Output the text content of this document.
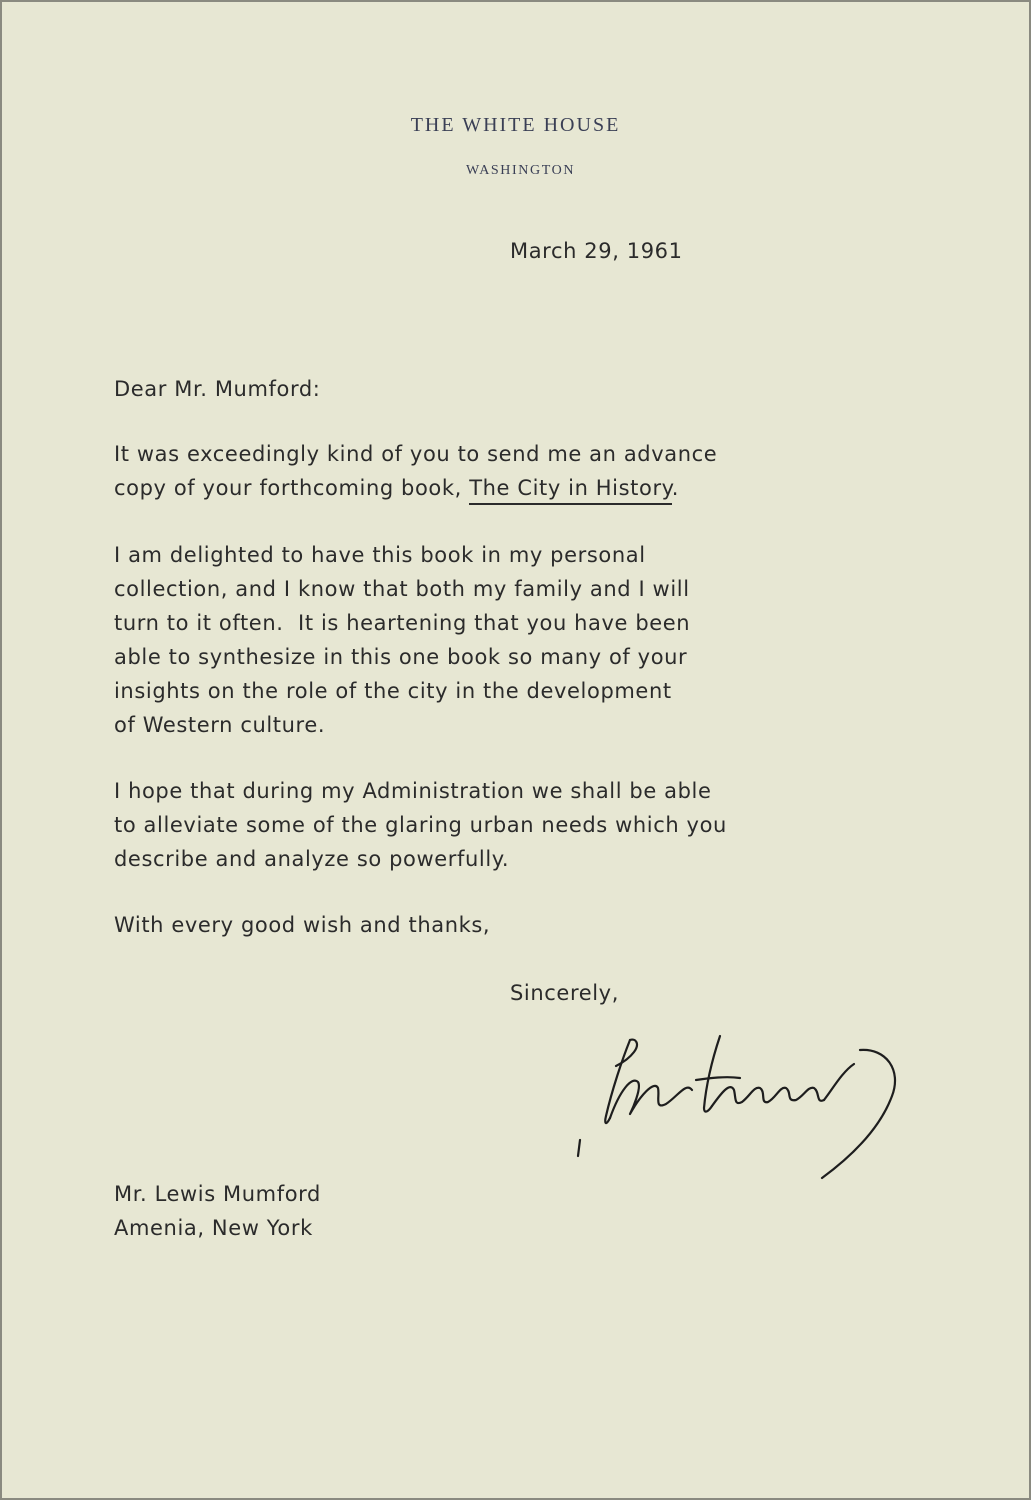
THE WHITE HOUSE
WASHINGTON
March 29, 1961
Dear Mr. Mumford:
It was exceedingly kind of you to send me an advance
copy of your forthcoming book, The City in History.
I am delighted to have this book in my personal
collection, and I know that both my family and I will
turn to it often.  It is heartening that you have been
able to synthesize in this one book so many of your
insights on the role of the city in the development
of Western culture.
I hope that during my Administration we shall be able
to alleviate some of the glaring urban needs which you
describe and analyze so powerfully.
With every good wish and thanks,
Sincerely,
Mr. Lewis Mumford
Amenia, New York
